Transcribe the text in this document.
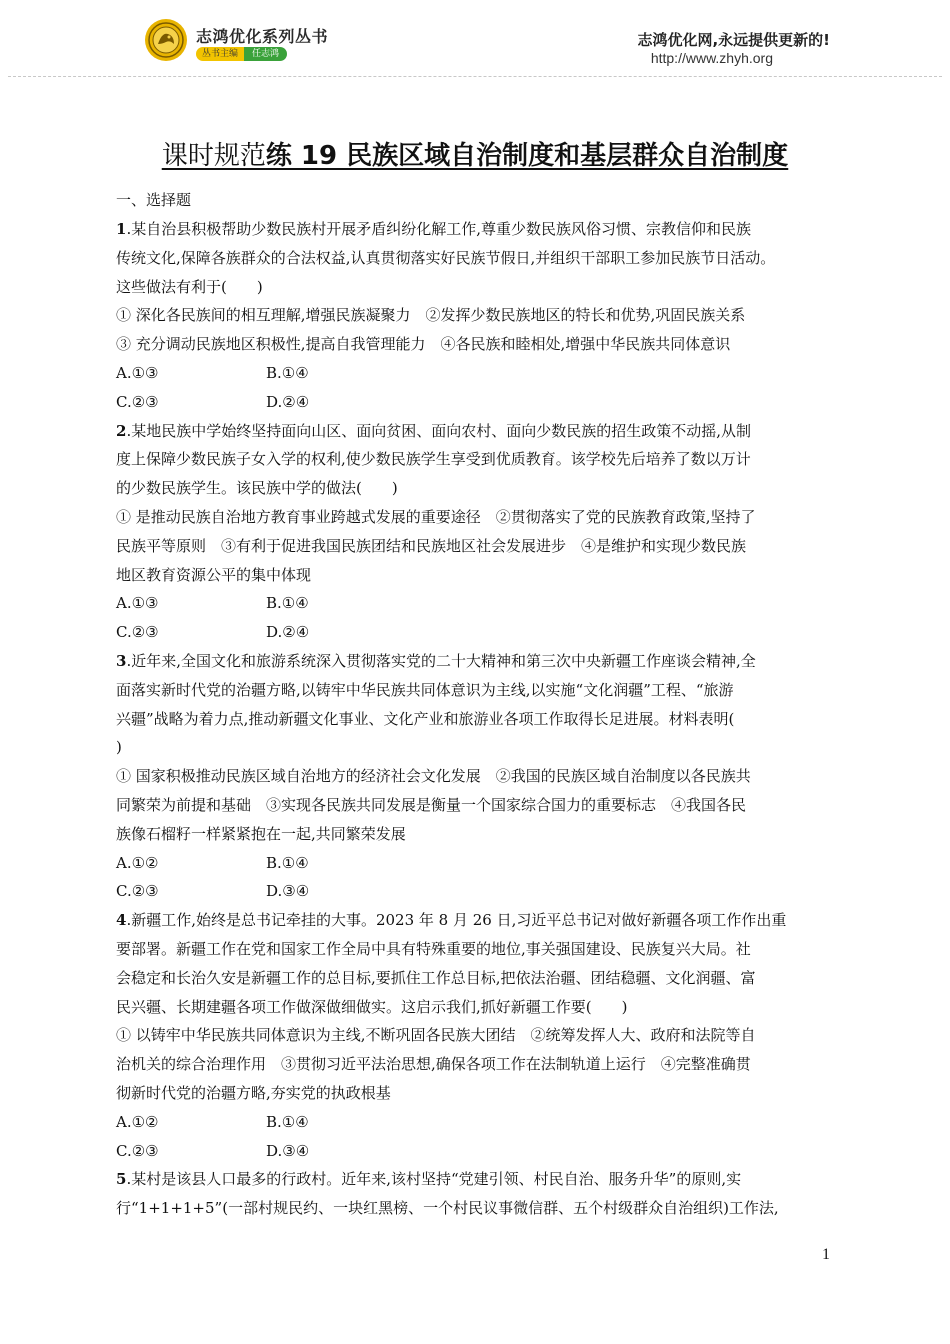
志鸿优化系列丛书
丛书主编	任志鸿
志鸿优化网,永远提供更新的!
http://www.zhyh.org
课时规范练 19 民族区域自治制度和基层群众自治制度
一、选择题
1.某自治县积极帮助少数民族村开展矛盾纠纷化解工作,尊重少数民族风俗习惯、宗教信仰和民族
传统文化,保障各族群众的合法权益,认真贯彻落实好民族节假日,并组织干部职工参加民族节日活动。
这些做法有利于(　　)
① 深化各民族间的相互理解,增强民族凝聚力　②发挥少数民族地区的特长和优势,巩固民族关系
③ 充分调动民族地区积极性,提高自我管理能力　④各民族和睦相处,增强中华民族共同体意识
A.①③	B.①④
C.②③	D.②④
2.某地民族中学始终坚持面向山区、面向贫困、面向农村、面向少数民族的招生政策不动摇,从制
度上保障少数民族子女入学的权利,使少数民族学生享受到优质教育。该学校先后培养了数以万计
的少数民族学生。该民族中学的做法(　　)
① 是推动民族自治地方教育事业跨越式发展的重要途径　②贯彻落实了党的民族教育政策,坚持了
民族平等原则　③有利于促进我国民族团结和民族地区社会发展进步　④是维护和实现少数民族
地区教育资源公平的集中体现
A.①③	B.①④
C.②③	D.②④
3.近年来,全国文化和旅游系统深入贯彻落实党的二十大精神和第三次中央新疆工作座谈会精神,全
面落实新时代党的治疆方略,以铸牢中华民族共同体意识为主线,以实施“文化润疆”工程、“旅游
兴疆”战略为着力点,推动新疆文化事业、文化产业和旅游业各项工作取得长足进展。材料表明(
)
① 国家积极推动民族区域自治地方的经济社会文化发展　②我国的民族区域自治制度以各民族共
同繁荣为前提和基础　③实现各民族共同发展是衡量一个国家综合国力的重要标志　④我国各民
族像石榴籽一样紧紧抱在一起,共同繁荣发展
A.①②	B.①④
C.②③	D.③④
4.新疆工作,始终是总书记牵挂的大事。2023 年 8 月 26 日,习近平总书记对做好新疆各项工作作出重
要部署。新疆工作在党和国家工作全局中具有特殊重要的地位,事关强国建设、民族复兴大局。社
会稳定和长治久安是新疆工作的总目标,要抓住工作总目标,把依法治疆、团结稳疆、文化润疆、富
民兴疆、长期建疆各项工作做深做细做实。这启示我们,抓好新疆工作要(　　)
① 以铸牢中华民族共同体意识为主线,不断巩固各民族大团结　②统筹发挥人大、政府和法院等自
治机关的综合治理作用　③贯彻习近平法治思想,确保各项工作在法制轨道上运行　④完整准确贯
彻新时代党的治疆方略,夯实党的执政根基
A.①②	B.①④
C.②③	D.③④
5.某村是该县人口最多的行政村。近年来,该村坚持“党建引领、村民自治、服务升华”的原则,实
行“1+1+1+5”(一部村规民约、一块红黑榜、一个村民议事微信群、五个村级群众自治组织)工作法,
1
